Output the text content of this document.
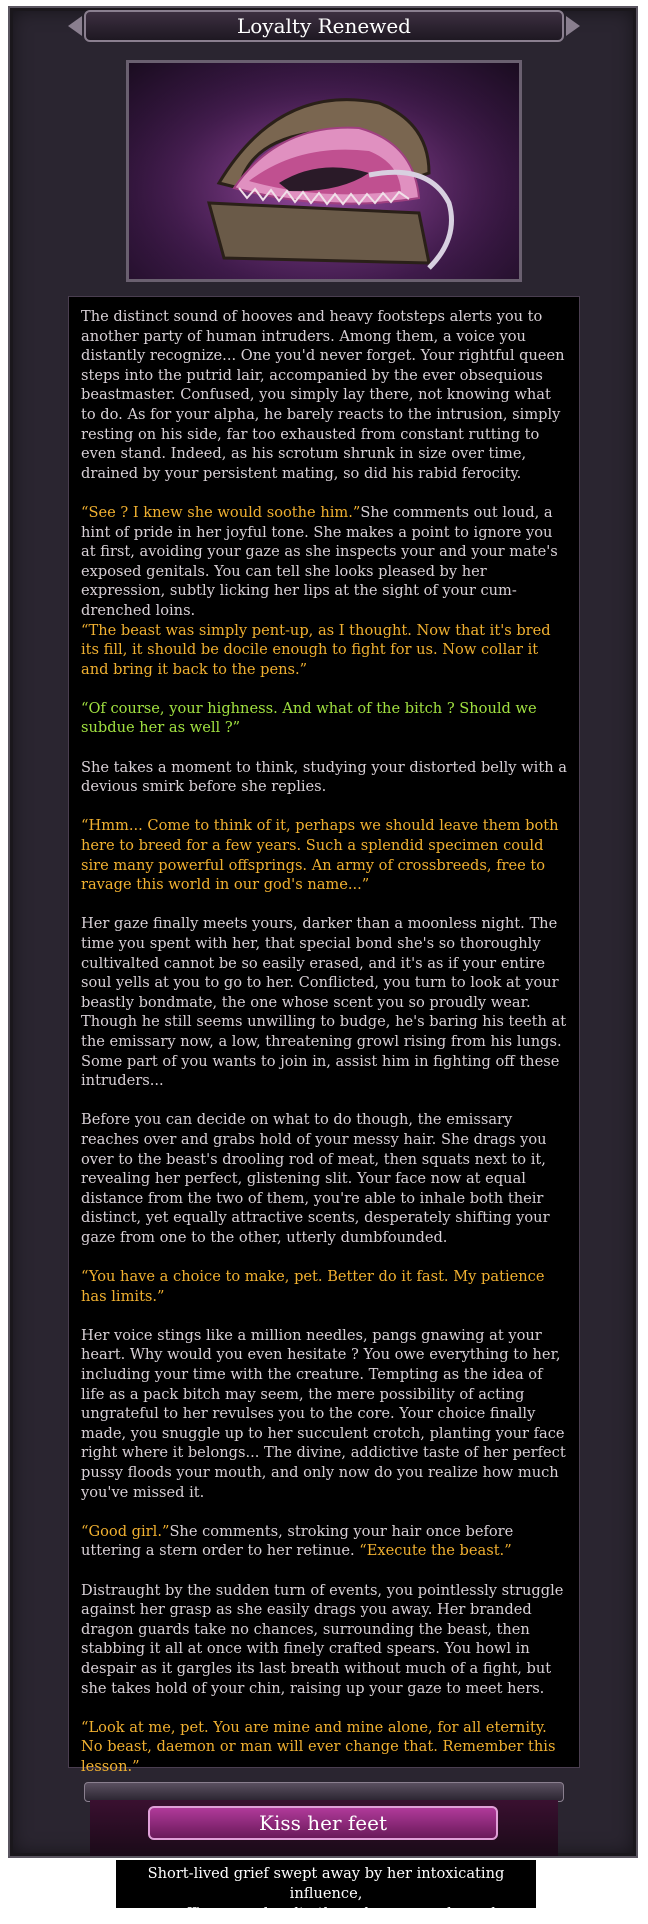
Loyalty Renewed

The distinct sound of hooves and heavy footsteps alerts you to another party of human intruders. Among them, a voice you distantly recognize... One you'd never forget. Your rightful queen steps into the putrid lair, accompanied by the ever obsequious beastmaster. Confused, you simply lay there, not knowing what to do. As for your alpha, he barely reacts to the intrusion, simply resting on his side, far too exhausted from constant rutting to even stand. Indeed, as his scrotum shrunk in size over time, drained by your persistent mating, so did his rabid ferocity.

“See ? I knew she would soothe him.”She comments out loud, a hint of pride in her joyful tone. She makes a point to ignore you at first, avoiding your gaze as she inspects your and your mate's exposed genitals. You can tell she looks pleased by her expression, subtly licking her lips at the sight of your cum-drenched loins.
“The beast was simply pent-up, as I thought. Now that it's bred its fill, it should be docile enough to fight for us. Now collar it and bring it back to the pens.”

“Of course, your highness. And what of the bitch ? Should we subdue her as well ?”

She takes a moment to think, studying your distorted belly with a devious smirk before she replies.

“Hmm... Come to think of it, perhaps we should leave them both here to breed for a few years. Such a splendid specimen could sire many powerful offsprings. An army of crossbreeds, free to ravage this world in our god's name...”

Her gaze finally meets yours, darker than a moonless night. The time you spent with her, that special bond she's so thoroughly cultivalted cannot be so easily erased, and it's as if your entire soul yells at you to go to her. Conflicted, you turn to look at your beastly bondmate, the one whose scent you so proudly wear. Though he still seems unwilling to budge, he's baring his teeth at the emissary now, a low, threatening growl rising from his lungs. Some part of you wants to join in, assist him in fighting off these intruders...

Before you can decide on what to do though, the emissary reaches over and grabs hold of your messy hair. She drags you over to the beast's drooling rod of meat, then squats next to it, revealing her perfect, glistening slit. Your face now at equal distance from the two of them, you're able to inhale both their distinct, yet equally attractive scents, desperately shifting your gaze from one to the other, utterly dumbfounded.

“You have a choice to make, pet. Better do it fast. My patience has limits.”

Her voice stings like a million needles, pangs gnawing at your heart. Why would you even hesitate ? You owe everything to her, including your time with the creature. Tempting as the idea of life as a pack bitch may seem, the mere possibility of acting ungrateful to her revulses you to the core. Your choice finally made, you snuggle up to her succulent crotch, planting your face right where it belongs... The divine, addictive taste of her perfect pussy floods your mouth, and only now do you realize how much you've missed it.

“Good girl.”She comments, stroking your hair once before uttering a stern order to her retinue. “Execute the beast.”

Distraught by the sudden turn of events, you pointlessly struggle against her grasp as she easily drags you away. Her branded dragon guards take no chances, surrounding the beast, then stabbing it all at once with finely crafted spears. You howl in despair as it gargles its last breath without much of a fight, but she takes hold of your chin, raising up your gaze to meet hers.

“Look at me, pet. You are mine and mine alone, for all eternity. No beast, daemon or man will ever change that. Remember this lesson.”

Kiss her feet
Short-lived grief swept away by her intoxicating influence,
you reaffirm your loyalty the only way you know how
